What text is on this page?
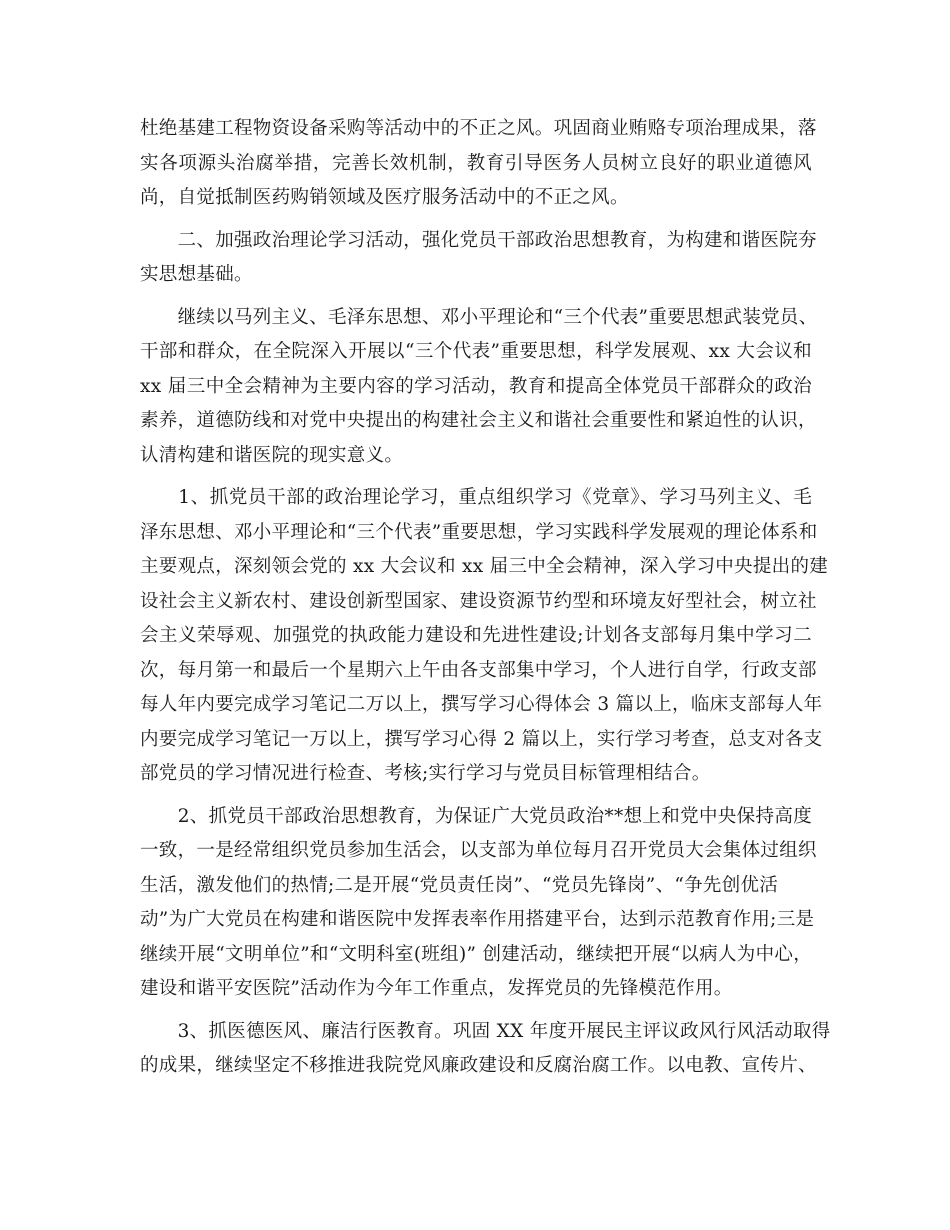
杜绝基建工程物资设备采购等活动中的不正之风。巩固商业贿赂专项治理成果，落
实各项源头治腐举措，完善长效机制，教育引导医务人员树立良好的职业道德风
尚，自觉抵制医药购销领域及医疗服务活动中的不正之风。
　　二、加强政治理论学习活动，强化党员干部政治思想教育，为构建和谐医院夯
实思想基础。
　　继续以马列主义、毛泽东思想、邓小平理论和“三个代表”重要思想武装党员、
干部和群众，在全院深入开展以“三个代表”重要思想，科学发展观、xx 大会议和
xx 届三中全会精神为主要内容的学习活动，教育和提高全体党员干部群众的政治
素养，道德防线和对党中央提出的构建社会主义和谐社会重要性和紧迫性的认识，
认清构建和谐医院的现实意义。
　　1、抓党员干部的政治理论学习，重点组织学习《党章》、学习马列主义、毛
泽东思想、邓小平理论和“三个代表”重要思想，学习实践科学发展观的理论体系和
主要观点，深刻领会党的 xx 大会议和 xx 届三中全会精神，深入学习中央提出的建
设社会主义新农村、建设创新型国家、建设资源节约型和环境友好型社会，树立社
会主义荣辱观、加强党的执政能力建设和先进性建设;计划各支部每月集中学习二
次，每月第一和最后一个星期六上午由各支部集中学习，个人进行自学，行政支部
每人年内要完成学习笔记二万以上，撰写学习心得体会 3 篇以上，临床支部每人年
内要完成学习笔记一万以上，撰写学习心得 2 篇以上，实行学习考查，总支对各支
部党员的学习情况进行检查、考核;实行学习与党员目标管理相结合。
　　2、抓党员干部政治思想教育，为保证广大党员政治**想上和党中央保持高度
一致，一是经常组织党员参加生活会，以支部为单位每月召开党员大会集体过组织
生活，激发他们的热情;二是开展“党员责任岗”、“党员先锋岗”、“争先创优活
动”为广大党员在构建和谐医院中发挥表率作用搭建平台，达到示范教育作用;三是
继续开展“文明单位”和“文明科室(班组)” 创建活动，继续把开展“以病人为中心，
建设和谐平安医院”活动作为今年工作重点，发挥党员的先锋模范作用。
　　3、抓医德医风、廉洁行医教育。巩固 XX 年度开展民主评议政风行风活动取得
的成果，继续坚定不移推进我院党风廉政建设和反腐治腐工作。以电教、宣传片、
